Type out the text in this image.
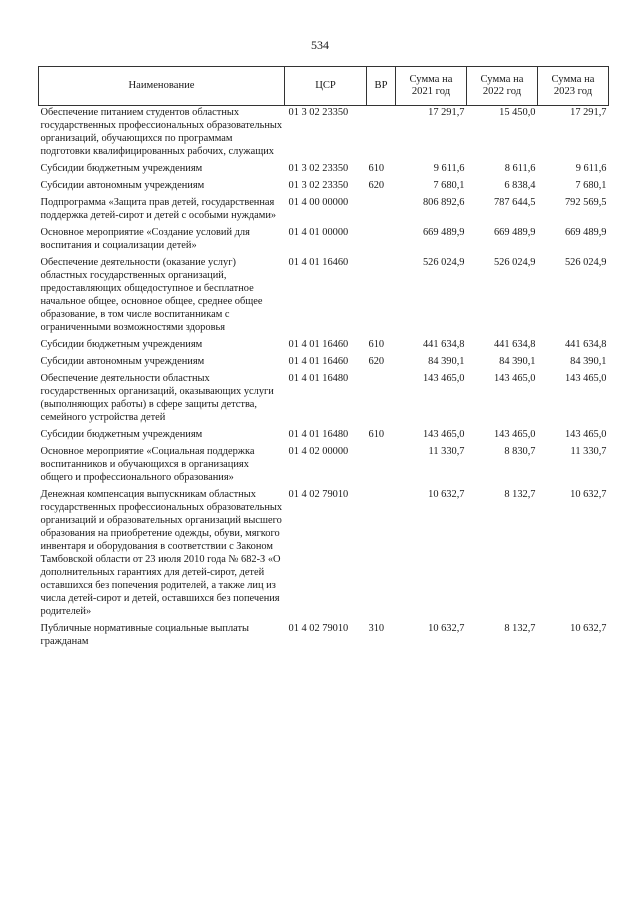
534
Наименование	ЦСР	ВР	Сумма на 2021 год	Сумма на 2022 год	Сумма на 2023 год
Обеспечение питанием студентов областных государственных профессиональных образовательных организаций, обучающихся по программам подготовки квалифицированных рабочих, служащих	01 3 02 23350		17 291,7	15 450,0	17 291,7
Субсидии бюджетным учреждениям	01 3 02 23350	610	9 611,6	8 611,6	9 611,6
Субсидии автономным учреждениям	01 3 02 23350	620	7 680,1	6 838,4	7 680,1
Подпрограмма «Защита прав детей, государственная поддержка детей-сирот и детей с особыми нуждами»	01 4 00 00000		806 892,6	787 644,5	792 569,5
Основное мероприятие «Создание условий для воспитания и социализации детей»	01 4 01 00000		669 489,9	669 489,9	669 489,9
Обеспечение деятельности (оказание услуг) областных государственных организаций, предоставляющих общедоступное и бесплатное начальное общее, основное общее, среднее общее образование, в том числе воспитанникам с ограниченными возможностями здоровья	01 4 01 16460		526 024,9	526 024,9	526 024,9
Субсидии бюджетным учреждениям	01 4 01 16460	610	441 634,8	441 634,8	441 634,8
Субсидии автономным учреждениям	01 4 01 16460	620	84 390,1	84 390,1	84 390,1
Обеспечение деятельности областных государственных организаций, оказывающих услуги (выполняющих работы) в сфере защиты детства, семейного устройства детей	01 4 01 16480		143 465,0	143 465,0	143 465,0
Субсидии бюджетным учреждениям	01 4 01 16480	610	143 465,0	143 465,0	143 465,0
Основное мероприятие «Социальная поддержка воспитанников и обучающихся в организациях общего и профессионального образования»	01 4 02 00000		11 330,7	8 830,7	11 330,7
Денежная компенсация выпускникам областных государственных профессиональных образовательных организаций и образовательных организаций высшего образования на приобретение одежды, обуви, мягкого инвентаря и оборудования в соответствии с Законом Тамбовской области от 23 июля 2010 года № 682-З «О дополнительных гарантиях для детей-сирот, детей оставшихся без попечения родителей, а также лиц из числа детей-сирот и детей, оставшихся без попечения родителей»	01 4 02 79010		10 632,7	8 132,7	10 632,7
Публичные нормативные социальные выплаты гражданам	01 4 02 79010	310	10 632,7	8 132,7	10 632,7
